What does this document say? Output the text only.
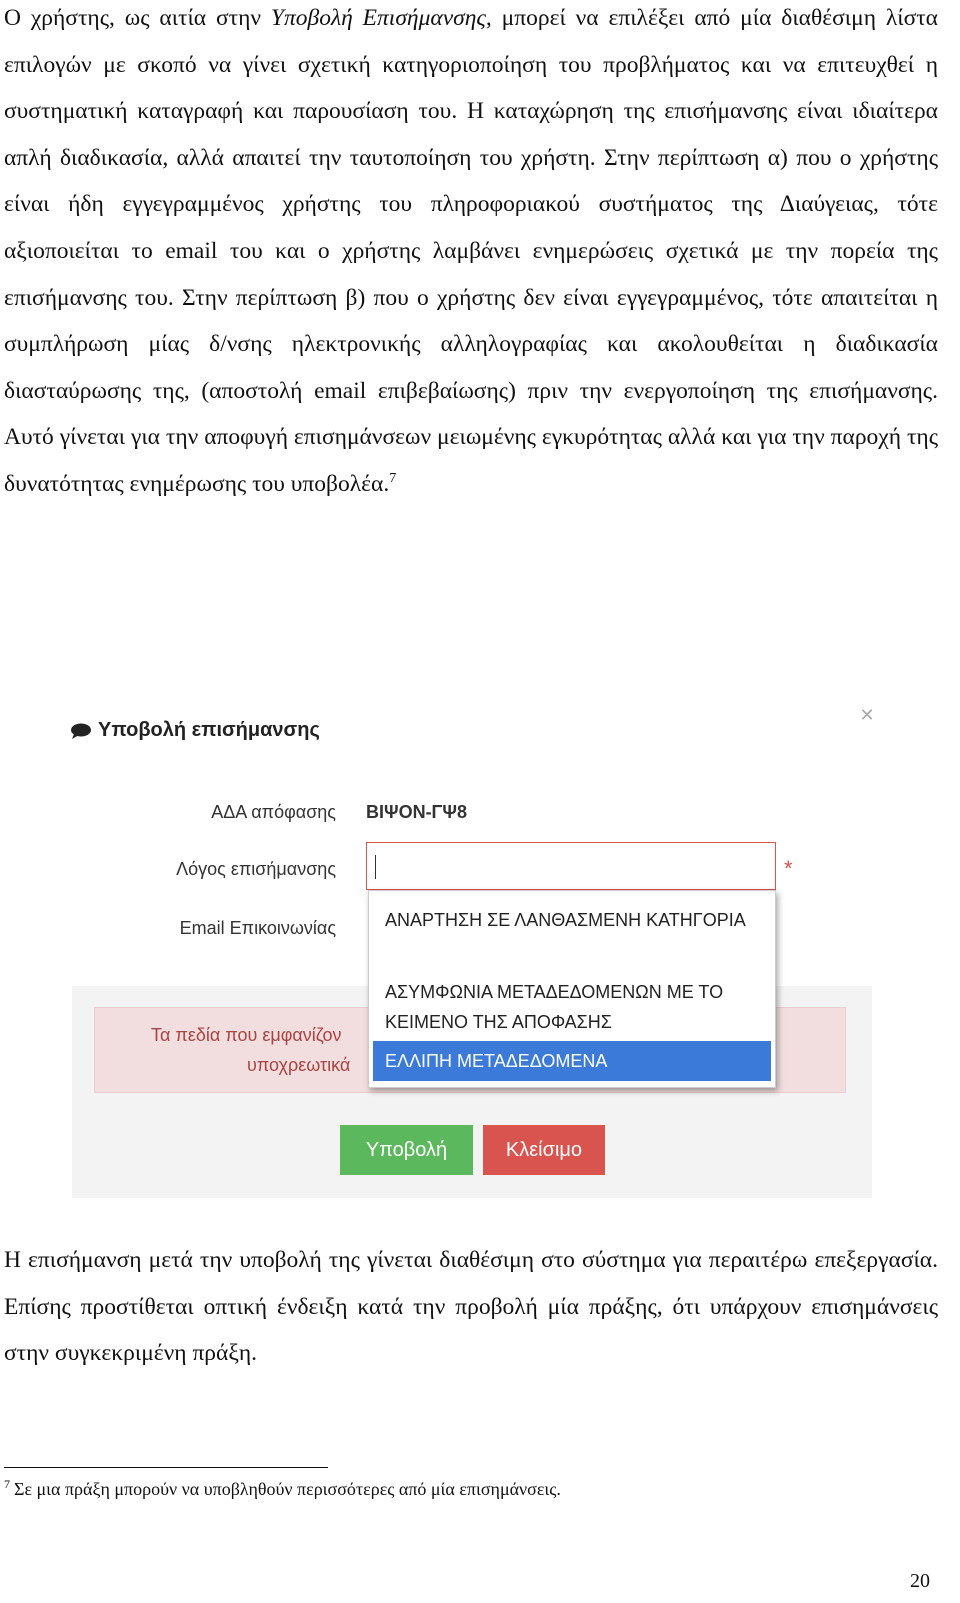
Ο χρήστης, ως αιτία στην Υποβολή Επισήμανσης, μπορεί να επιλέξει από μία διαθέσιμη λίστα επιλογών με σκοπό να γίνει σχετική κατηγοριοποίηση του προβλήματος και να επιτευχθεί η συστηματική καταγραφή και παρουσίαση του. Η καταχώρηση της επισήμανσης είναι ιδιαίτερα απλή διαδικασία, αλλά απαιτεί την ταυτοποίηση του χρήστη. Στην περίπτωση α) που ο χρήστης είναι ήδη εγγεγραμμένος χρήστης του πληροφοριακού συστήματος της Διαύγειας, τότε αξιοποιείται το email του και ο χρήστης λαμβάνει ενημερώσεις σχετικά με την πορεία της επισήμανσης του. Στην περίπτωση β) που ο χρήστης δεν είναι εγγεγραμμένος, τότε απαιτείται η συμπλήρωση μίας δ/νσης ηλεκτρονικής αλληλογραφίας και ακολουθείται η διαδικασία διασταύρωσης της, (αποστολή email επιβεβαίωσης) πριν την ενεργοποίηση της επισήμανσης. Αυτό γίνεται για την αποφυγή επισημάνσεων μειωμένης εγκυρότητας αλλά και για την παροχή της δυνατότητας ενημέρωσης του υποβολέα.$^7$

Υποβολή επισήμανσης
✕
ΑΔΑ απόφασης ΒΙΨΟΝ-ΓΨ8
Λόγος επισήμανσης	*
Email Επικοινωνίας
Τα πεδία που εμφανίζον
υποχρεωτικά
Υποβολή	Κλείσιμο
ΑΝΑΡΤΗΣΗ ΣΕ ΛΑΝΘΑΣΜΕΝΗ ΚΑΤΗΓΟΡΙΑ
ΑΣΥΜΦΩΝΙΑ ΜΕΤΑΔΕΔΟΜΕΝΩΝ ΜΕ ΤΟ ΚΕΙΜΕΝΟ ΤΗΣ ΑΠΟΦΑΣΗΣ
ΕΛΛΙΠΗ ΜΕΤΑΔΕΔΟΜΕΝΑ

Η επισήμανση μετά την υποβολή της γίνεται διαθέσιμη στο σύστημα για περαιτέρω επεξεργασία. Επίσης προστίθεται οπτική ένδειξη κατά την προβολή μία πράξης, ότι υπάρχουν επισημάνσεις στην συγκεκριμένη πράξη.

$^7$ Σε μια πράξη μπορούν να υποβληθούν περισσότερες από μία επισημάνσεις.
20
